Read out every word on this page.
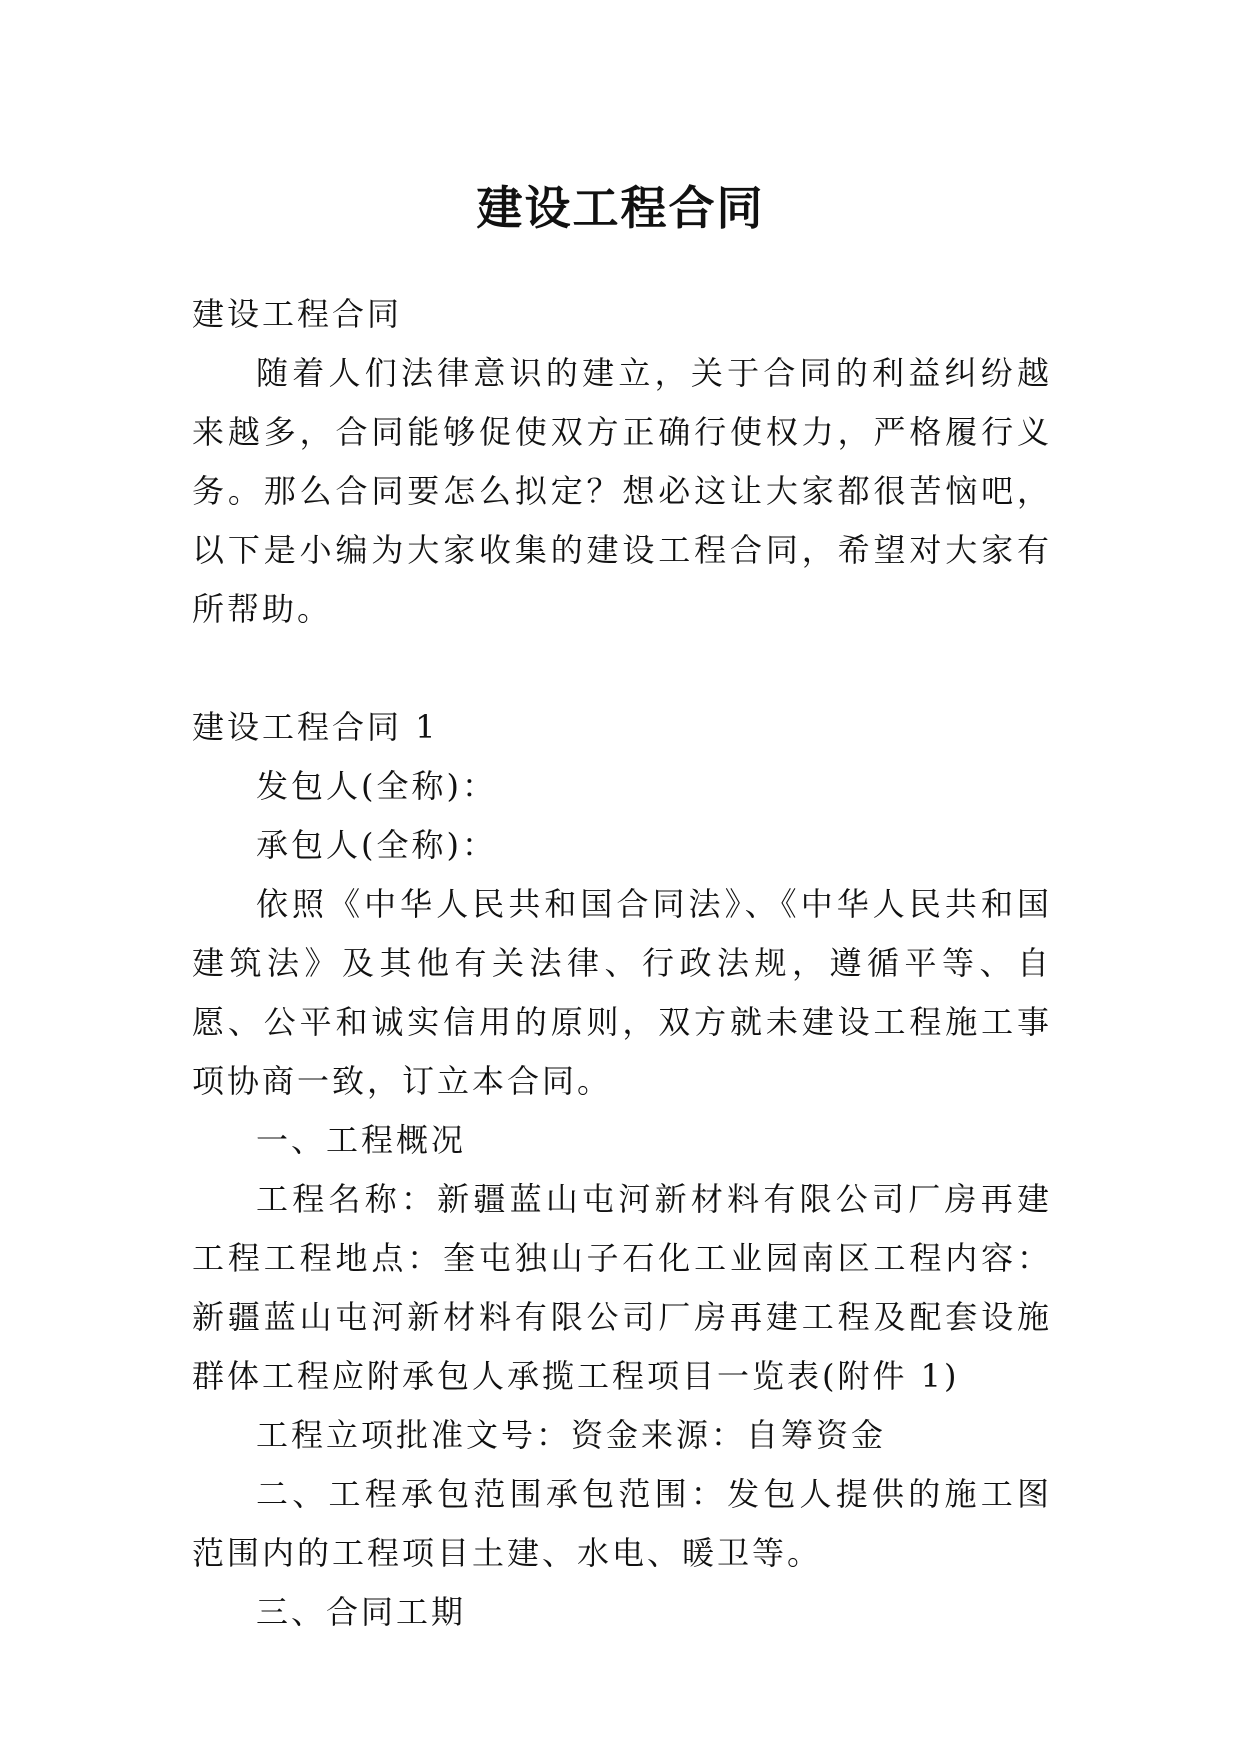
建设工程合同

建设工程合同

随着人们法律意识的建立，关于合同的利益纠纷越来越多，合同能够促使双方正确行使权力，严格履行义务。那么合同要怎么拟定？想必这让大家都很苦恼吧，以下是小编为大家收集的建设工程合同，希望对大家有所帮助。

建设工程合同 1

发包人(全称)：

承包人(全称)：

依照《中华人民共和国合同法》、《中华人民共和国建筑法》及其他有关法律、行政法规，遵循平等、自愿、公平和诚实信用的原则，双方就未建设工程施工事项协商一致，订立本合同。

一、工程概况

工程名称：新疆蓝山屯河新材料有限公司厂房再建工程工程地点：奎屯独山子石化工业园南区工程内容：新疆蓝山屯河新材料有限公司厂房再建工程及配套设施群体工程应附承包人承揽工程项目一览表(附件 1)

工程立项批准文号：资金来源：自筹资金

二、工程承包范围承包范围：发包人提供的施工图范围内的工程项目土建、水电、暖卫等。

三、合同工期
